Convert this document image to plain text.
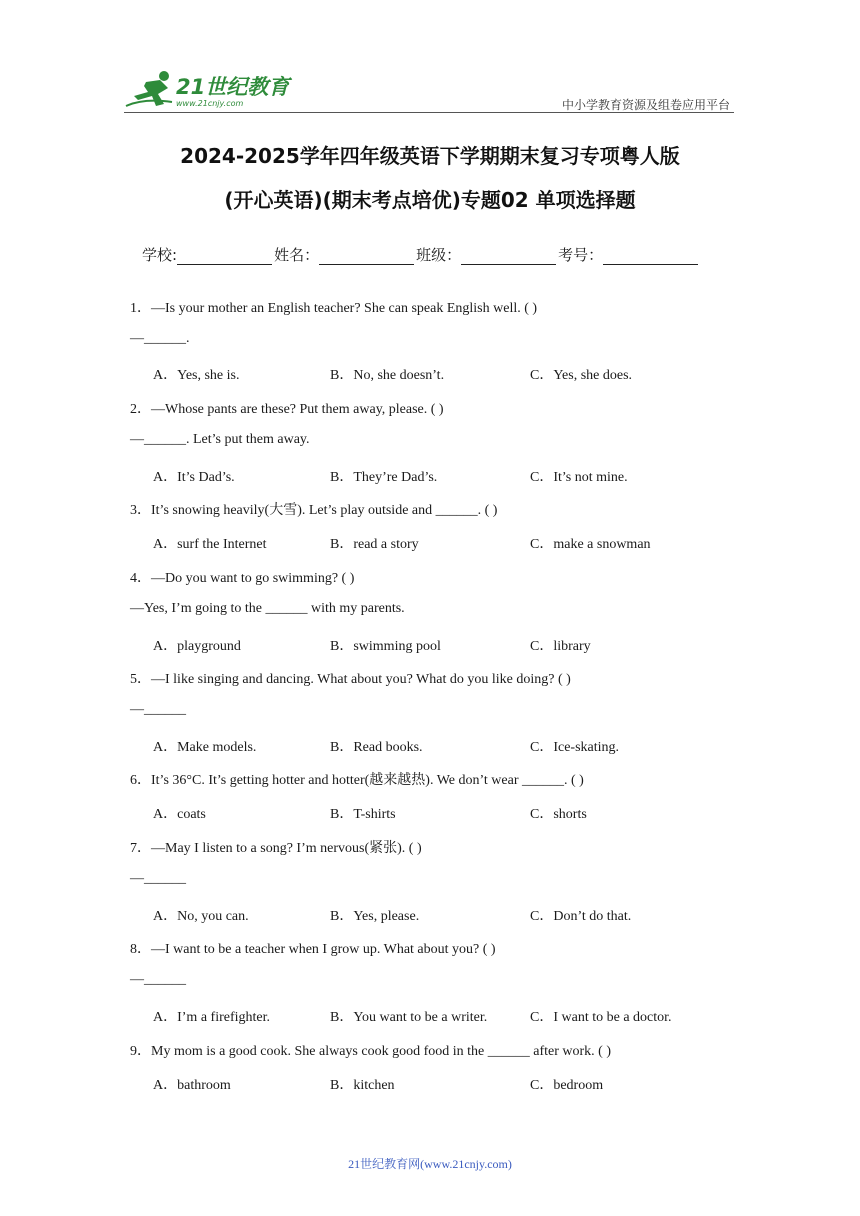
21世纪教育
www.21cnjy.com	中小学教育资源及组卷应用平台
2024-2025学年四年级英语下学期期末复习专项粤人版
(开心英语)(期末考点培优)专题02 单项选择题
学校:	姓名：	班级：	考号：
1．—Is your mother an English teacher? She can speak English well. ( )
—______.
A．Yes, she is.	B．No, she doesn’t.	C．Yes, she does.
2．—Whose pants are these? Put them away, please. ( )
—______. Let’s put them away.
A．It’s Dad’s.	B．They’re Dad’s.	C．It’s not mine.
3．It’s snowing heavily(大雪). Let’s play outside and ______. ( )
A．surf the Internet	B．read a story	C．make a snowman
4．—Do you want to go swimming? ( )
—Yes, I’m going to the ______ with my parents.
A．playground	B．swimming pool	C．library
5．—I like singing and dancing. What about you? What do you like doing? ( )
—______
A．Make models.	B．Read books.	C．Ice-skating.
6．It’s 36°C. It’s getting hotter and hotter(越来越热). We don’t wear ______. ( )
A．coats	B．T-shirts	C．shorts
7．—May I listen to a song? I’m nervous(紧张). ( )
—______
A．No, you can.	B．Yes, please.	C．Don’t do that.
8．—I want to be a teacher when I grow up. What about you? ( )
—______
A．I’m a firefighter.	B．You want to be a writer.	C．I want to be a doctor.
9．My mom is a good cook. She always cook good food in the ______ after work. ( )
A．bathroom	B．kitchen	C．bedroom
21世纪教育网(www.21cnjy.com)
